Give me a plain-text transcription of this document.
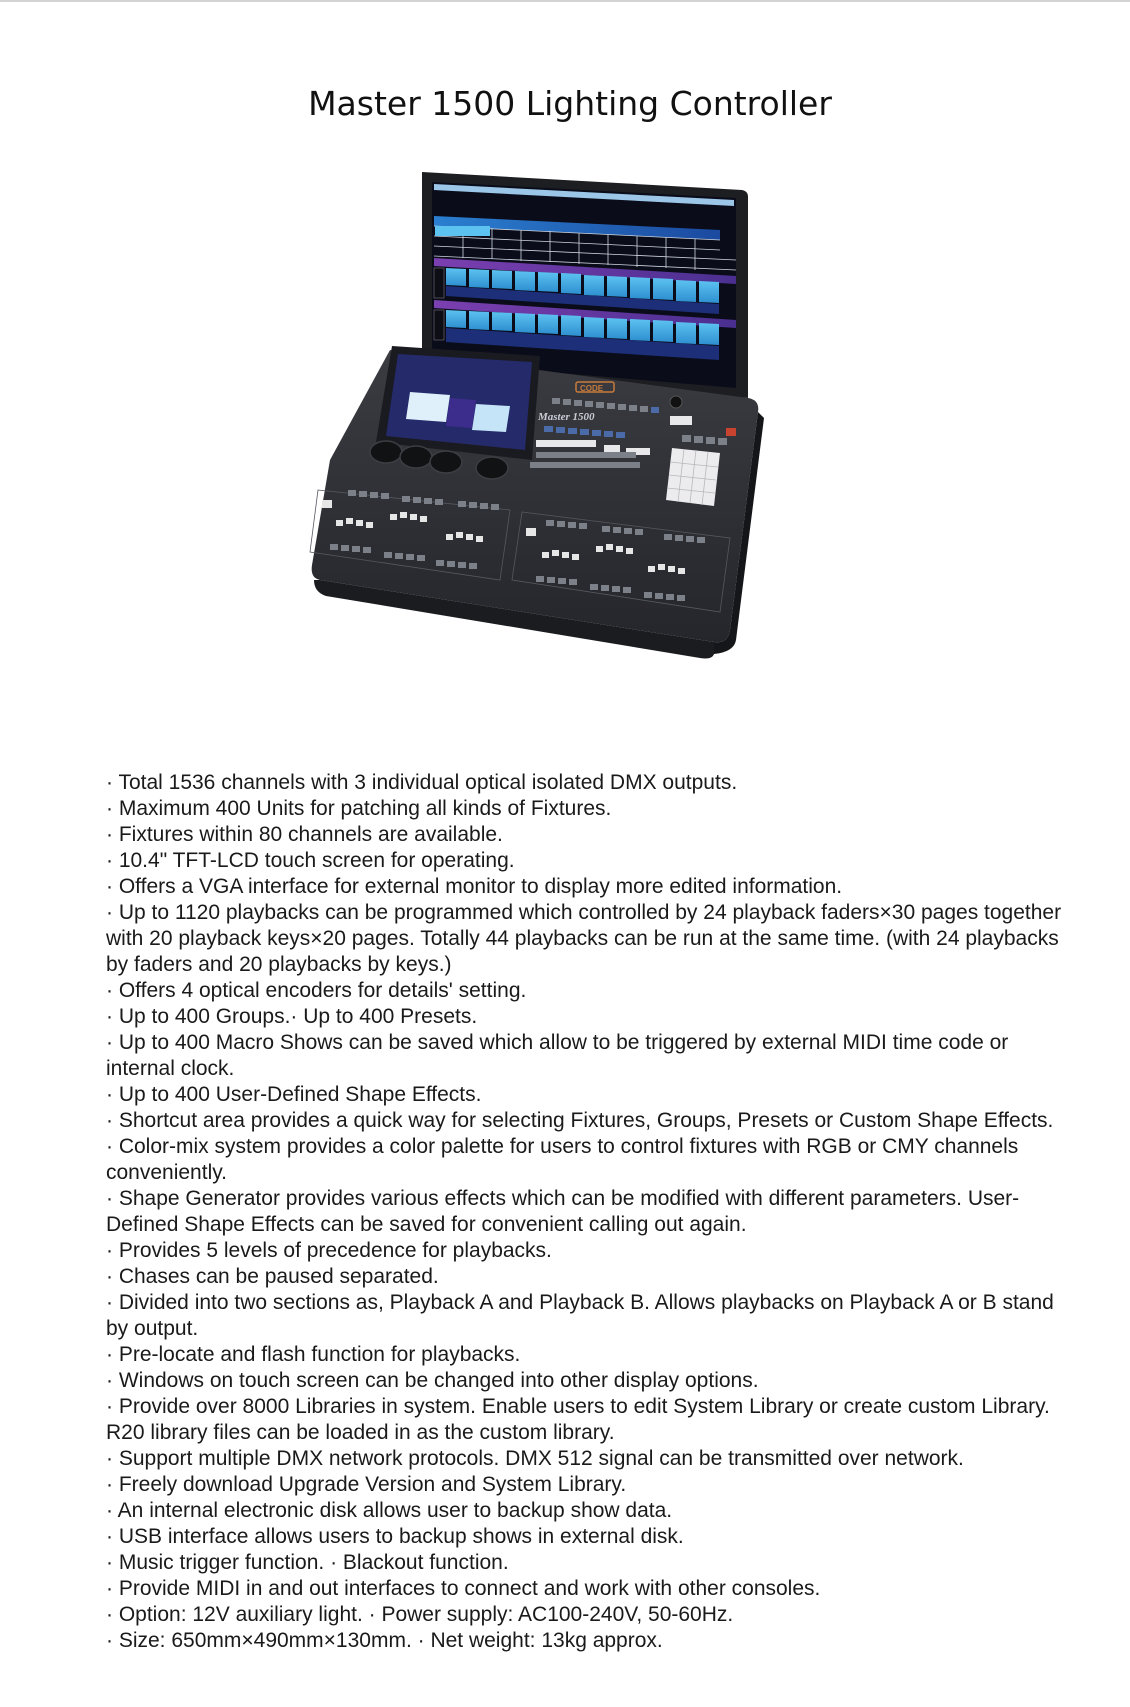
Master 1500 Lighting Controller
CODE
Master 1500

· Total 1536 channels with 3 individual optical isolated DMX outputs.

· Maximum 400 Units for patching all kinds of Fixtures.

· Fixtures within 80 channels are available.

· 10.4" TFT-LCD touch screen for operating.

· Offers a VGA interface for external monitor to display more edited information.

· Up to 1120 playbacks can be programmed which controlled by 24 playback faders×30 pages together with 20 playback keys×20 pages. Totally 44 playbacks can be run at the same time. (with 24 playbacks by faders and 20 playbacks by keys.)

· Offers 4 optical encoders for details' setting.

· Up to 400 Groups.· Up to 400 Presets.

· Up to 400 Macro Shows can be saved which allow to be triggered by external MIDI time code or internal clock.

· Up to 400 User-Defined Shape Effects.

· Shortcut area provides a quick way for selecting Fixtures, Groups, Presets or Custom Shape Effects.

· Color-mix system provides a color palette for users to control fixtures with RGB or CMY channels conveniently.

· Shape Generator provides various effects which can be modified with different parameters. User-Defined Shape Effects can be saved for convenient calling out again.

· Provides 5 levels of precedence for playbacks.

· Chases can be paused separated.

· Divided into two sections as, Playback A and Playback B. Allows playbacks on Playback A or B stand by output.

· Pre-locate and flash function for playbacks.

· Windows on touch screen can be changed into other display options.

· Provide over 8000 Libraries in system. Enable users to edit System Library or create custom Library. R20 library files can be loaded in as the custom library.

· Support multiple DMX network protocols. DMX 512 signal can be transmitted over network.

· Freely download Upgrade Version and System Library.

· An internal electronic disk allows user to backup show data.

· USB interface allows users to backup shows in external disk.

· Music trigger function. · Blackout function.

· Provide MIDI in and out interfaces to connect and work with other consoles.

· Option: 12V auxiliary light. · Power supply: AC100-240V, 50-60Hz.

· Size: 650mm×490mm×130mm. · Net weight: 13kg approx.
